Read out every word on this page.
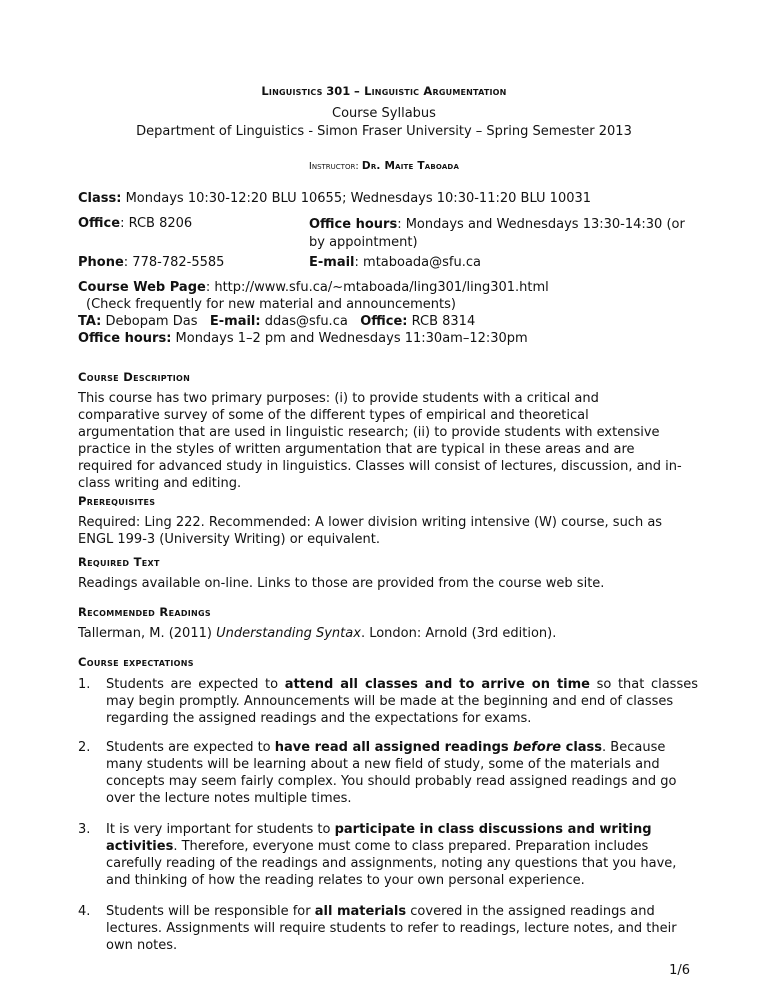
Linguistics 301 – Linguistic Argumentation
Course Syllabus
Department of Linguistics - Simon Fraser University – Spring Semester 2013
Instructor: Dr. Maite Taboada
Class: Mondays 10:30-12:20 BLU 10655; Wednesdays 10:30-11:20 BLU 10031
Office: RCB 8206	Office hours: Mondays and Wednesdays 13:30-14:30 (or
by appointment)
Phone: 778-782-5585	E-mail: mtaboada@sfu.ca
Course Web Page: http://www.sfu.ca/~mtaboada/ling301/ling301.html
(Check frequently for new material and announcements)
TA: Debopam Das   E-mail: ddas@sfu.ca   Office: RCB 8314
Office hours: Mondays 1–2 pm and Wednesdays 11:30am–12:30pm
Course Description
This course has two primary purposes: (i) to provide students with a critical and
comparative survey of some of the different types of empirical and theoretical
argumentation that are used in linguistic research; (ii) to provide students with extensive
practice in the styles of written argumentation that are typical in these areas and are
required for advanced study in linguistics. Classes will consist of lectures, discussion, and in-
class writing and editing.
Prerequisites
Required: Ling 222. Recommended: A lower division writing intensive (W) course, such as
ENGL 199-3 (University Writing) or equivalent.
Required Text
Readings available on-line. Links to those are provided from the course web site.
Recommended Readings
Tallerman, M. (2011) Understanding Syntax. London: Arnold (3rd edition).
Course expectations
1. Students are expected to attend all classes and to arrive on time so that classes
may begin promptly. Announcements will be made at the beginning and end of classes
regarding the assigned readings and the expectations for exams.
2. Students are expected to have read all assigned readings before class. Because
many students will be learning about a new field of study, some of the materials and
concepts may seem fairly complex. You should probably read assigned readings and go
over the lecture notes multiple times.
3. It is very important for students to participate in class discussions and writing
activities. Therefore, everyone must come to class prepared. Preparation includes
carefully reading of the readings and assignments, noting any questions that you have,
and thinking of how the reading relates to your own personal experience.
4. Students will be responsible for all materials covered in the assigned readings and
lectures. Assignments will require students to refer to readings, lecture notes, and their
own notes.
1/6
